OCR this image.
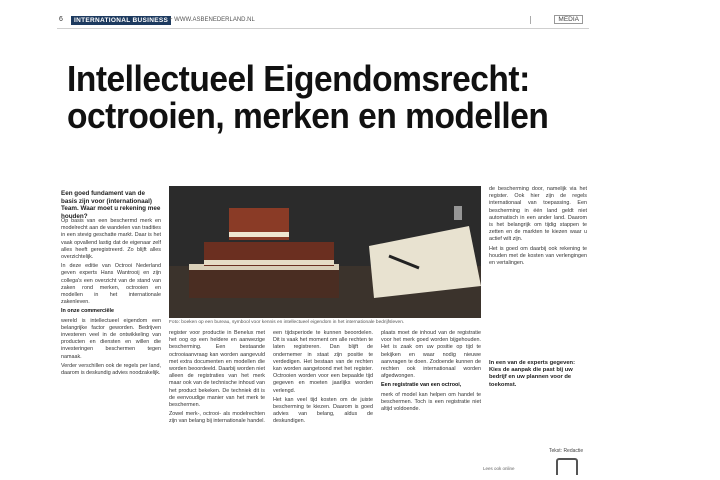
6	INTERNATIONAL BUSINESS + WWW.ASBENEDERLAND.NL	MEDIA
Intellectueel Eigendomsrecht:
octrooien, merken en modellen
Een goed fundament van de basis zijn voor (internationaal) Team. Waar moet u rekening mee houden?

Op basis van een beschermd merk en modelrecht aan de wandelen van tradities in een stevig geschatte markt. Daar is het vaak opvallend lastig dat de eigenaar zelf alles heeft geregistreerd. Zo blijft alles overzichtelijk.

In deze editie van Octrooi Nederland geven experts Hans Wantrooij en zijn collega's een overzicht van de stand van zaken rond merken, octrooien en modellen in het internationale zakenleven.

In onze commerciële

wereld is intellectueel eigendom een belangrijke factor geworden. Bedrijven investeren veel in de ontwikkeling van producten en diensten en willen die investeringen beschermen tegen namaak.

Verder verschillen ook de regels per land, daarom is deskundig advies noodzakelijk.

Foto: boeken op een bureau, symbool voor kennis en intellectueel eigendom in het internationale bedrijfsleven.

register voor productie in Benelux met het oog op een heldere en aanwezige bescherming. Een bestaande octrooiaanvraag kan worden aangevuld met extra documenten en modellen die worden beoordeeld. Daarbij worden niet alleen de registraties van het merk maar ook van de technische inhoud van het product bekeken. De techniek dit is de eenvoudige manier van het merk te beschermen.

Zowel merk-, octrooi- als modelrechten zijn van belang bij internationale handel.

een tijdsperiode te kunnen beoordelen. Dit is vaak het moment om alle rechten te laten registreren. Dan blijft de ondernemer in staat zijn positie te verdedigen. Het bestaan van de rechten kan worden aangetoond met het register. Octrooien worden voor een bepaalde tijd gegeven en moeten jaarlijks worden verlengd.

Het kan veel tijd kosten om de juiste bescherming te kiezen. Daarom is goed advies van belang, aldus de deskundigen.

plaats moet de inhoud van de registratie voor het merk goed worden bijgehouden. Het is zaak om uw positie op tijd te bekijken en waar nodig nieuwe aanvragen te doen. Zodoende kunnen de rechten ook internationaal worden afgedwongen.

Een registratie van een octrooi,

merk of model kan helpen om handel te beschermen. Toch is een registratie niet altijd voldoende.

de bescherming door, namelijk via het register. Ook hier zijn de regels internationaal van toepassing. Een bescherming in één land geldt niet automatisch in een ander land. Daarom is het belangrijk om tijdig stappen te zetten en de markten te kiezen waar u actief wilt zijn.

Het is goed om daarbij ook rekening te houden met de kosten van verlengingen en vertalingen.

In een van de experts gegeven: Kies de aanpak die past bij uw bedrijf en uw plannen voor de toekomst.
Tekst: Redactie
Lees ook online
